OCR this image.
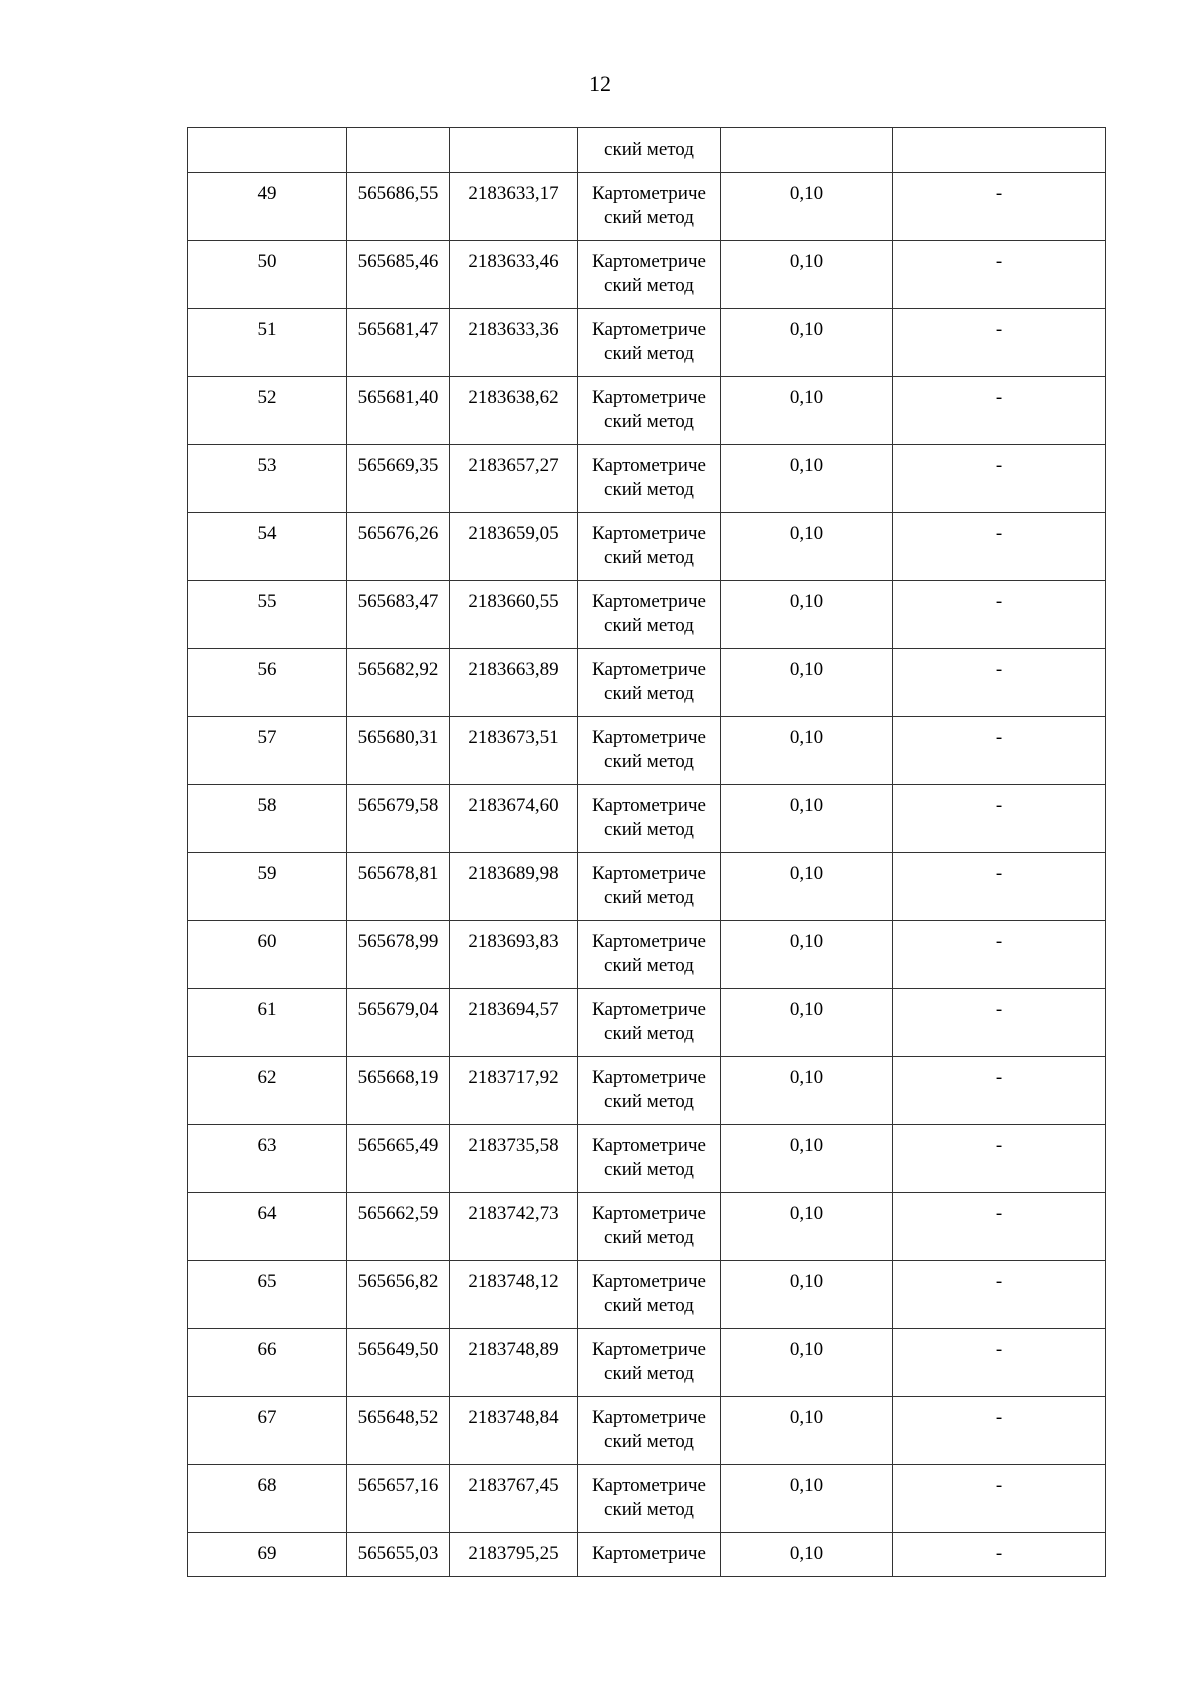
12
			ский метод		
49	565686,55	2183633,17	Картометриче
ский метод	0,10	-
50	565685,46	2183633,46	Картометриче
ский метод	0,10	-
51	565681,47	2183633,36	Картометриче
ский метод	0,10	-
52	565681,40	2183638,62	Картометриче
ский метод	0,10	-
53	565669,35	2183657,27	Картометриче
ский метод	0,10	-
54	565676,26	2183659,05	Картометриче
ский метод	0,10	-
55	565683,47	2183660,55	Картометриче
ский метод	0,10	-
56	565682,92	2183663,89	Картометриче
ский метод	0,10	-
57	565680,31	2183673,51	Картометриче
ский метод	0,10	-
58	565679,58	2183674,60	Картометриче
ский метод	0,10	-
59	565678,81	2183689,98	Картометриче
ский метод	0,10	-
60	565678,99	2183693,83	Картометриче
ский метод	0,10	-
61	565679,04	2183694,57	Картометриче
ский метод	0,10	-
62	565668,19	2183717,92	Картометриче
ский метод	0,10	-
63	565665,49	2183735,58	Картометриче
ский метод	0,10	-
64	565662,59	2183742,73	Картометриче
ский метод	0,10	-
65	565656,82	2183748,12	Картометриче
ский метод	0,10	-
66	565649,50	2183748,89	Картометриче
ский метод	0,10	-
67	565648,52	2183748,84	Картометриче
ский метод	0,10	-
68	565657,16	2183767,45	Картометриче
ский метод	0,10	-
69	565655,03	2183795,25	Картометриче	0,10	-
